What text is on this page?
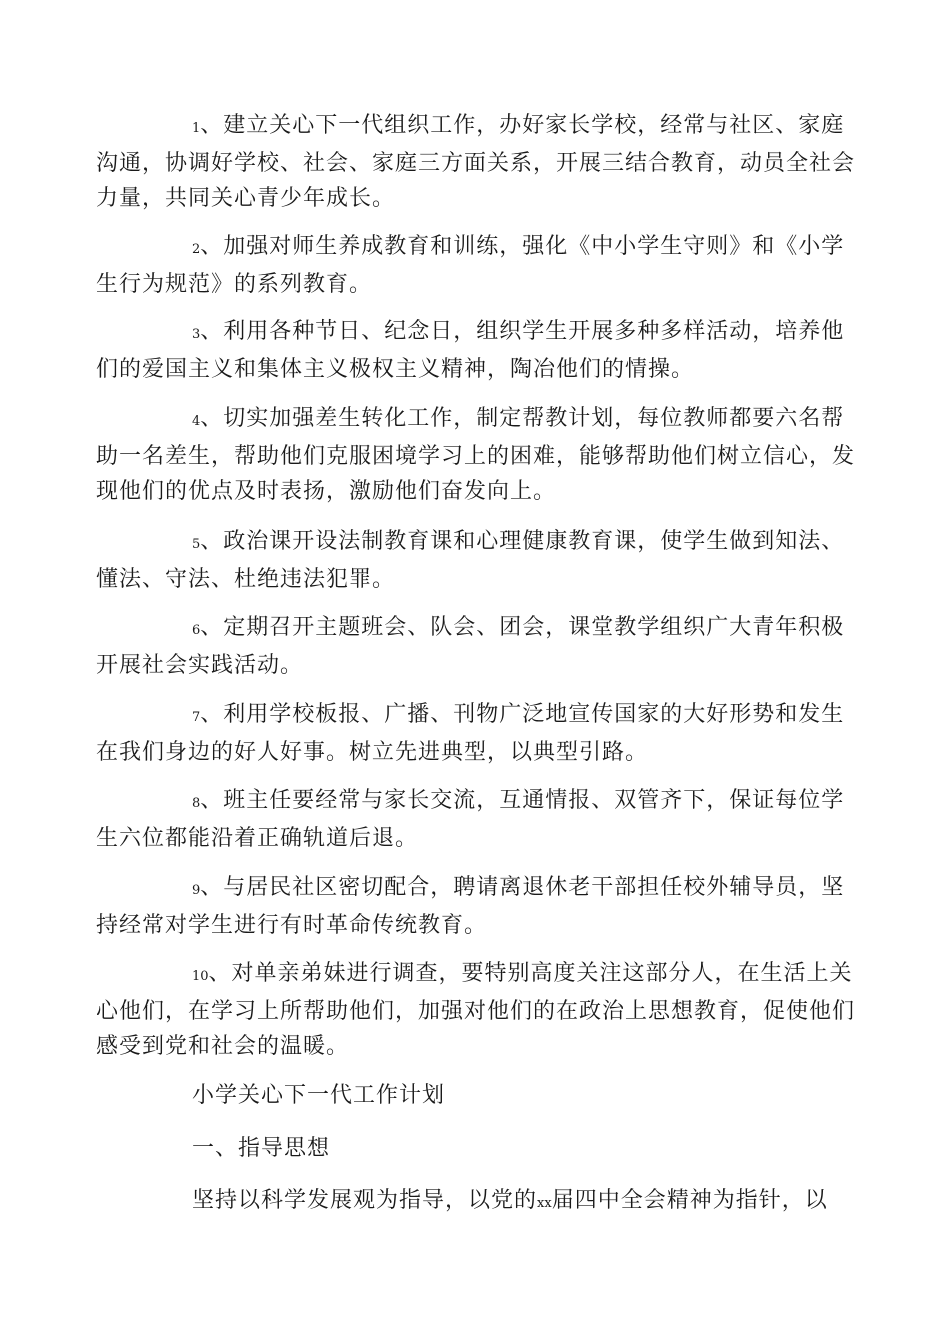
1、建立关心下一代组织工作，办好家长学校，经常与社区、家庭沟通，协调好学校、社会、家庭三方面关系，开展三结合教育，动员全社会力量，共同关心青少年成长。

2、加强对师生养成教育和训练，强化《中小学生守则》和《小学生行为规范》的系列教育。

3、利用各种节日、纪念日，组织学生开展多种多样活动，培养他们的爱国主义和集体主义极权主义精神，陶冶他们的情操。

4、切实加强差生转化工作，制定帮教计划，每位教师都要六名帮助一名差生，帮助他们克服困境学习上的困难，能够帮助他们树立信心，发现他们的优点及时表扬，激励他们奋发向上。

5、政治课开设法制教育课和心理健康教育课，使学生做到知法、懂法、守法、杜绝违法犯罪。

6、定期召开主题班会、队会、团会，课堂教学组织广大青年积极开展社会实践活动。

7、利用学校板报、广播、刊物广泛地宣传国家的大好形势和发生在我们身边的好人好事。树立先进典型，以典型引路。

8、班主任要经常与家长交流，互通情报、双管齐下，保证每位学生六位都能沿着正确轨道后退。

9、与居民社区密切配合，聘请离退休老干部担任校外辅导员，坚持经常对学生进行有时革命传统教育。

10、对单亲弟妹进行调查，要特别高度关注这部分人，在生活上关心他们，在学习上所帮助他们，加强对他们的在政治上思想教育，促使他们感受到党和社会的温暖。

小学关心下一代工作计划

一、指导思想

坚持以科学发展观为指导，以党的xx届四中全会精神为指针，以
